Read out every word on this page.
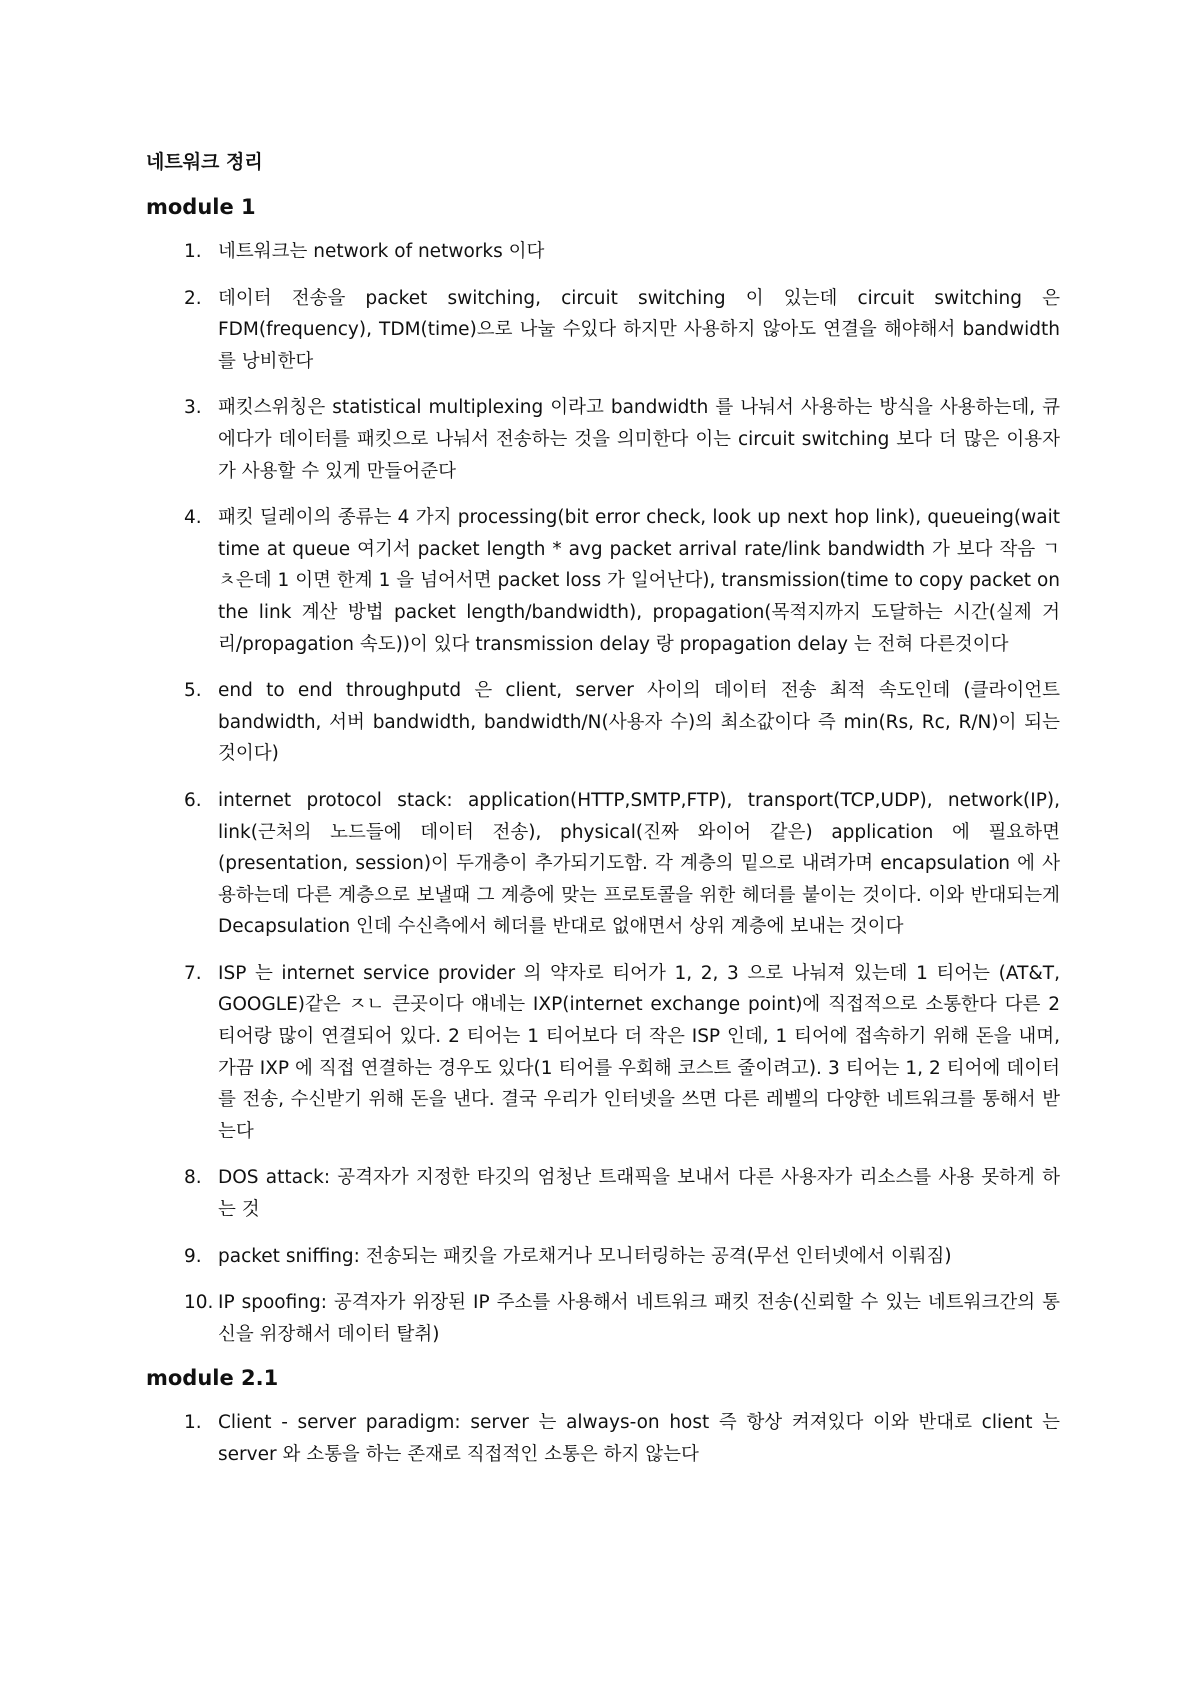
네트워크 정리
module 1
1. 네트워크는 network of networks 이다
2. 데이터 전송을 packet switching, circuit switching 이 있는데 circuit switching 은 FDM(frequency), TDM(time)으로 나눌 수있다 하지만 사용하지 않아도 연결을 해야해서 bandwidth 를 낭비한다
3. 패킷스위칭은 statistical multiplexing 이라고 bandwidth 를 나눠서 사용하는 방식을 사용하는데, 큐에다가 데이터를 패킷으로 나눠서 전송하는 것을 의미한다 이는 circuit switching 보다 더 많은 이용자가 사용할 수 있게 만들어준다
4. 패킷 딜레이의 종류는 4 가지 processing(bit error check, look up next hop link), queueing(wait time at queue 여기서 packet length * avg packet arrival rate/link bandwidth 가 보다 작음 ㄱㅊ은데 1 이면 한계 1 을 넘어서면 packet loss 가 일어난다), transmission(time to copy packet on the link 계산 방법 packet length/bandwidth), propagation(목적지까지 도달하는 시간(실제 거리/propagation 속도))이 있다 transmission delay 랑 propagation delay 는 전혀 다른것이다
5. end to end throughputd 은 client, server 사이의 데이터 전송 최적 속도인데 (클라이언트 bandwidth, 서버 bandwidth, bandwidth/N(사용자 수)의 최소값이다 즉 min(Rs, Rc, R/N)이 되는 것이다)
6. internet protocol stack: application(HTTP,SMTP,FTP), transport(TCP,UDP), network(IP), link(근처의 노드들에 데이터 전송), physical(진짜 와이어 같은) application 에 필요하면(presentation, session)이 두개층이 추가되기도함. 각 계층의 밑으로 내려가며 encapsulation 에 사용하는데 다른 계층으로 보낼때 그 계층에 맞는 프로토콜을 위한 헤더를 붙이는 것이다. 이와 반대되는게 Decapsulation 인데 수신측에서 헤더를 반대로 없애면서 상위 계층에 보내는 것이다
7. ISP 는 internet service provider 의 약자로 티어가 1, 2, 3 으로 나눠져 있는데 1 티어는 (AT&T, GOOGLE)같은 ㅈㄴ 큰곳이다 얘네는 IXP(internet exchange point)에 직접적으로 소통한다 다른 2 티어랑 많이 연결되어 있다. 2 티어는 1 티어보다 더 작은 ISP 인데, 1 티어에 접속하기 위해 돈을 내며, 가끔 IXP 에 직접 연결하는 경우도 있다(1 티어를 우회해 코스트 줄이려고). 3 티어는 1, 2 티어에 데이터를 전송, 수신받기 위해 돈을 낸다. 결국 우리가 인터넷을 쓰면 다른 레벨의 다양한 네트워크를 통해서 받는다
8. DOS attack: 공격자가 지정한 타깃의 엄청난 트래픽을 보내서 다른 사용자가 리소스를 사용 못하게 하는 것
9. packet sniffing: 전송되는 패킷을 가로채거나 모니터링하는 공격(무선 인터넷에서 이뤄짐)
10. IP spoofing: 공격자가 위장된 IP 주소를 사용해서 네트워크 패킷 전송(신뢰할 수 있는 네트워크간의 통신을 위장해서 데이터 탈취)
module 2.1
1. Client - server paradigm: server 는 always-on host 즉 항상 켜져있다 이와 반대로 client 는 server 와 소통을 하는 존재로 직접적인 소통은 하지 않는다
